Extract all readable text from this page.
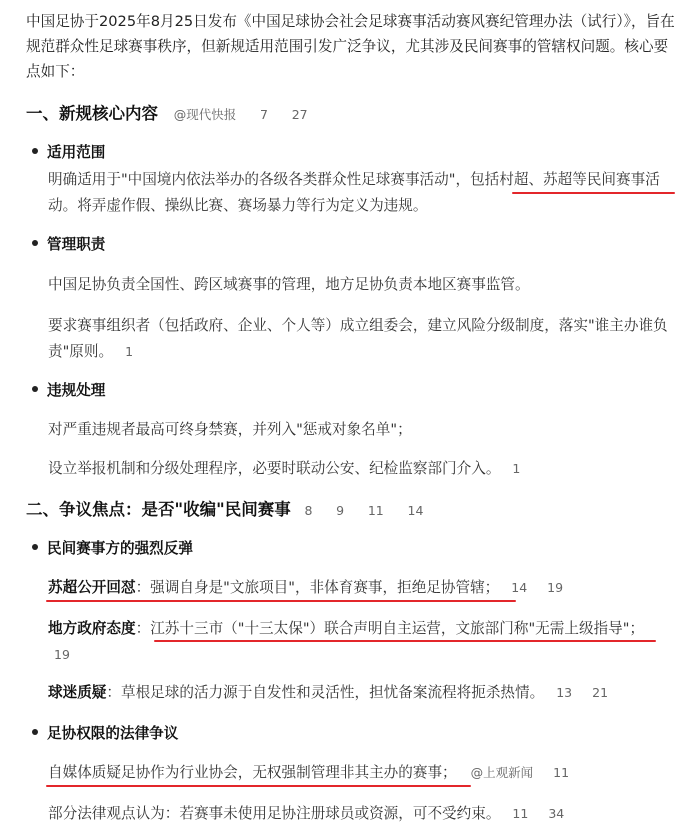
中国足协于2025年8月25日发布《中国足球协会社会足球赛事活动赛风赛纪管理办法（试行）》，旨在规范群众性足球赛事秩序，但新规适用范围引发广泛争议，尤其涉及民间赛事的管辖权问题。核心要点如下：

一、新规核心内容 @现代快报 7 27
适用范围

明确适用于"中国境内依法举办的各级各类群众性足球赛事活动"，包括村超、苏超等民间赛事活动。将弄虚作假、操纵比赛、赛场暴力等行为定义为违规。

管理职责

中国足协负责全国性、跨区域赛事的管理，地方足协负责本地区赛事监管。

要求赛事组织者（包括政府、企业、个人等）成立组委会，建立风险分级制度，落实"谁主办谁负责"原则。 1

违规处理

对严重违规者最高可终身禁赛，并列入"惩戒对象名单"；

设立举报机制和分级处理程序，必要时联动公安、纪检监察部门介入。 1

二、争议焦点：是否"收编"民间赛事 8 9 11 14
民间赛事方的强烈反弹

苏超公开回怼：强调自身是"文旅项目"，非体育赛事，拒绝足协管辖； 14 19

地方政府态度：江苏十三市（"十三太保"）联合声明自主运营，文旅部门称"无需上级指导"；
19

球迷质疑：草根足球的活力源于自发性和灵活性，担忧备案流程将扼杀热情。 13 21

足协权限的法律争议

自媒体质疑足协作为行业协会，无权强制管理非其主办的赛事； @上观新闻 11

部分法律观点认为：若赛事未使用足协注册球员或资源，可不受约束。 11 34
